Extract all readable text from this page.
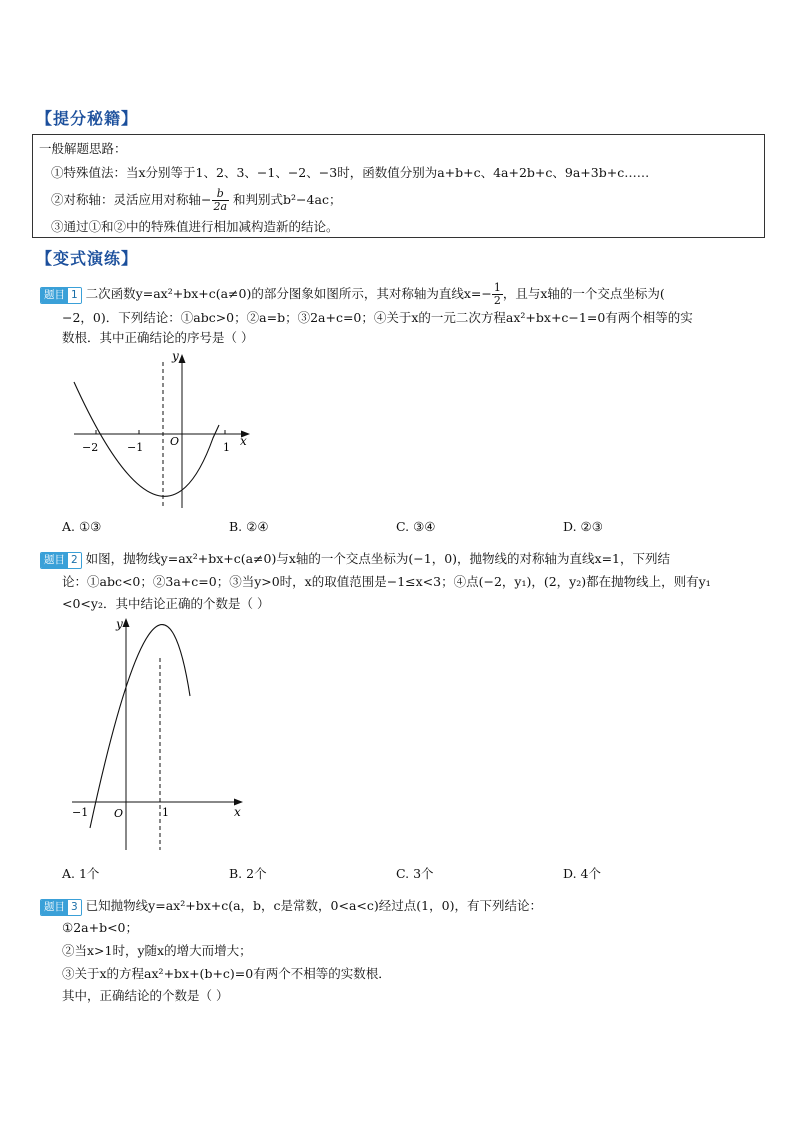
【提分秘籍】
一般解题思路：
①特殊值法：当x分别等于1、2、3、−1、−2、−3时，函数值分别为a+b+c、4a+2b+c、9a+3b+c……
②对称轴：灵活应用对称轴− $\frac{b}{2a}$ 和判别式b²−4ac；
③通过①和②中的特殊值进行相加减构造新的结论。
【变式演练】
题目 1 二次函数y=ax²+bx+c(a≠0)的部分图象如图所示，其对称轴为直线$x=- \frac{1}{2}$ ，且与x轴的一个交点坐标为(
−2，0)．下列结论：①abc>0；②a=b；③2a+c=0；④关于x的一元二次方程ax²+bx+c−1=0有两个相等的实
数根．其中正确结论的序号是（ ）
−2	−1	1
O	x
y
A. ①③	B. ②④	C. ③④	D. ②③
题目 2 如图，抛物线y=ax²+bx+c(a≠0)与x轴的一个交点坐标为(−1，0)，抛物线的对称轴为直线x=1，下列结
论：①abc<0；②3a+c=0；③当y>0时，x的取值范围是−1≤x<3；④点(−2，y₁)，(2，y₂)都在抛物线上，则有y₁
<0<y₂．其中结论正确的个数是（ ）
−1	1
O	x
y
A. 1个	B. 2个	C. 3个	D. 4个
题目 3 已知抛物线y=ax²+bx+c(a，b，c是常数，0<a<c)经过点(1，0)，有下列结论：
①2a+b<0；
②当x>1时，y随x的增大而增大；
③关于x的方程ax²+bx+(b+c)=0有两个不相等的实数根．
其中，正确结论的个数是（ ）
